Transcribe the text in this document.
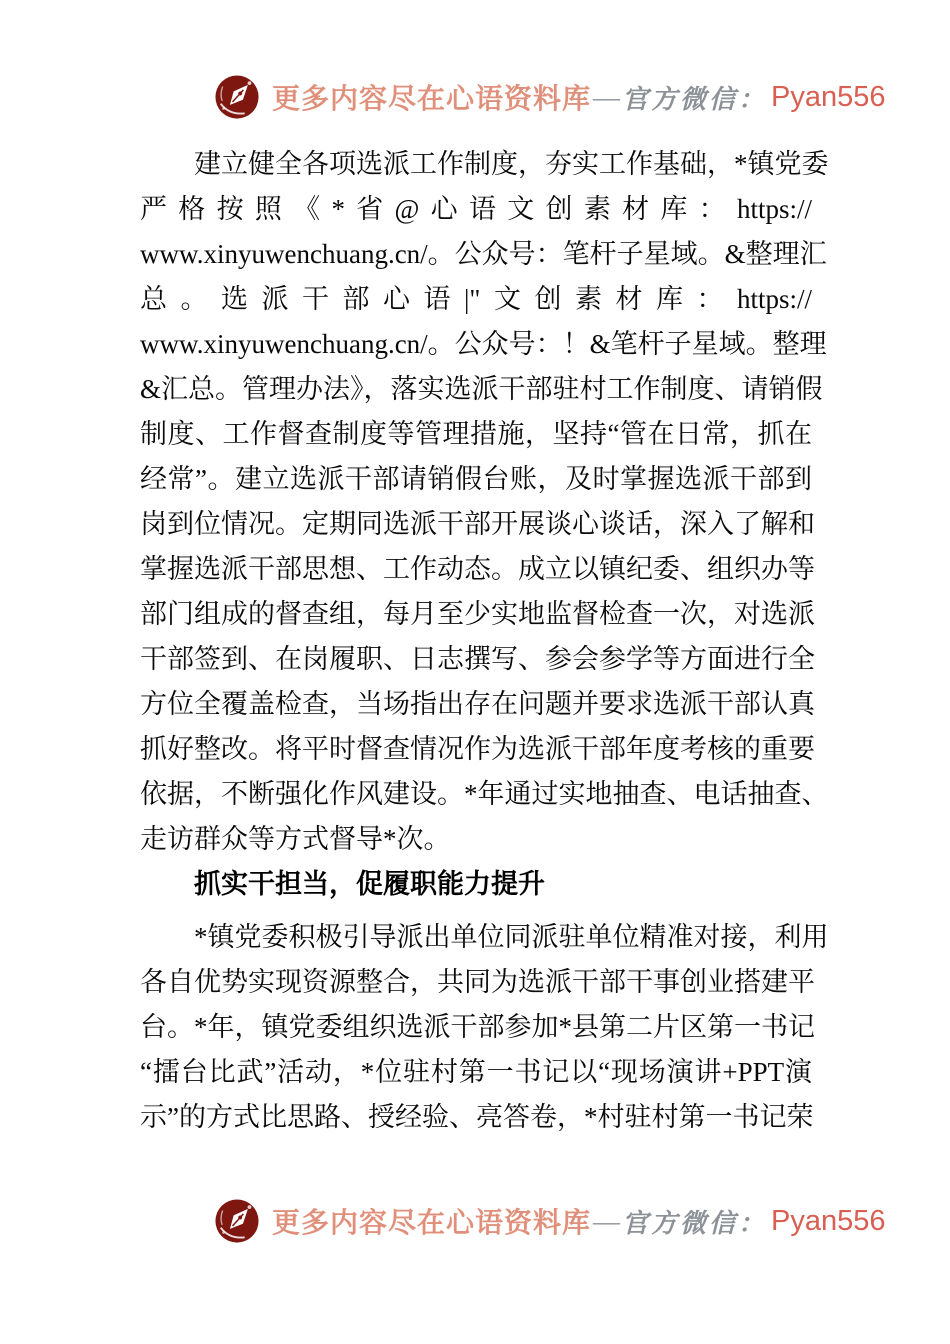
更多内容尽在心语资料库 — 官方微信： Pyan556
建立健全各项选派工作制度，夯实工作基础，*镇党委
严格按照《*省@心语文创素材库：https://
www.xinyuwenchuang.cn/。公众号：笔杆子星域。&整理汇
总。选派干部心语|"文创素材库：https://
www.xinyuwenchuang.cn/。公众号：！&笔杆子星域。整理
&汇总。管理办法》，落实选派干部驻村工作制度、请销假
制度、工作督查制度等管理措施，坚持“管在日常，抓在
经常”。建立选派干部请销假台账，及时掌握选派干部到
岗到位情况。定期同选派干部开展谈心谈话，深入了解和
掌握选派干部思想、工作动态。成立以镇纪委、组织办等
部门组成的督查组，每月至少实地监督检查一次，对选派
干部签到、在岗履职、日志撰写、参会参学等方面进行全
方位全覆盖检查，当场指出存在问题并要求选派干部认真
抓好整改。将平时督查情况作为选派干部年度考核的重要
依据，不断强化作风建设。*年通过实地抽查、电话抽查、
走访群众等方式督导*次。
抓实干担当，促履职能力提升
*镇党委积极引导派出单位同派驻单位精准对接，利用
各自优势实现资源整合，共同为选派干部干事创业搭建平
台。*年，镇党委组织选派干部参加*县第二片区第一书记
“擂台比武”活动，*位驻村第一书记以“现场演讲+PPT演
示”的方式比思路、授经验、亮答卷，*村驻村第一书记荣
更多内容尽在心语资料库 — 官方微信： Pyan556
